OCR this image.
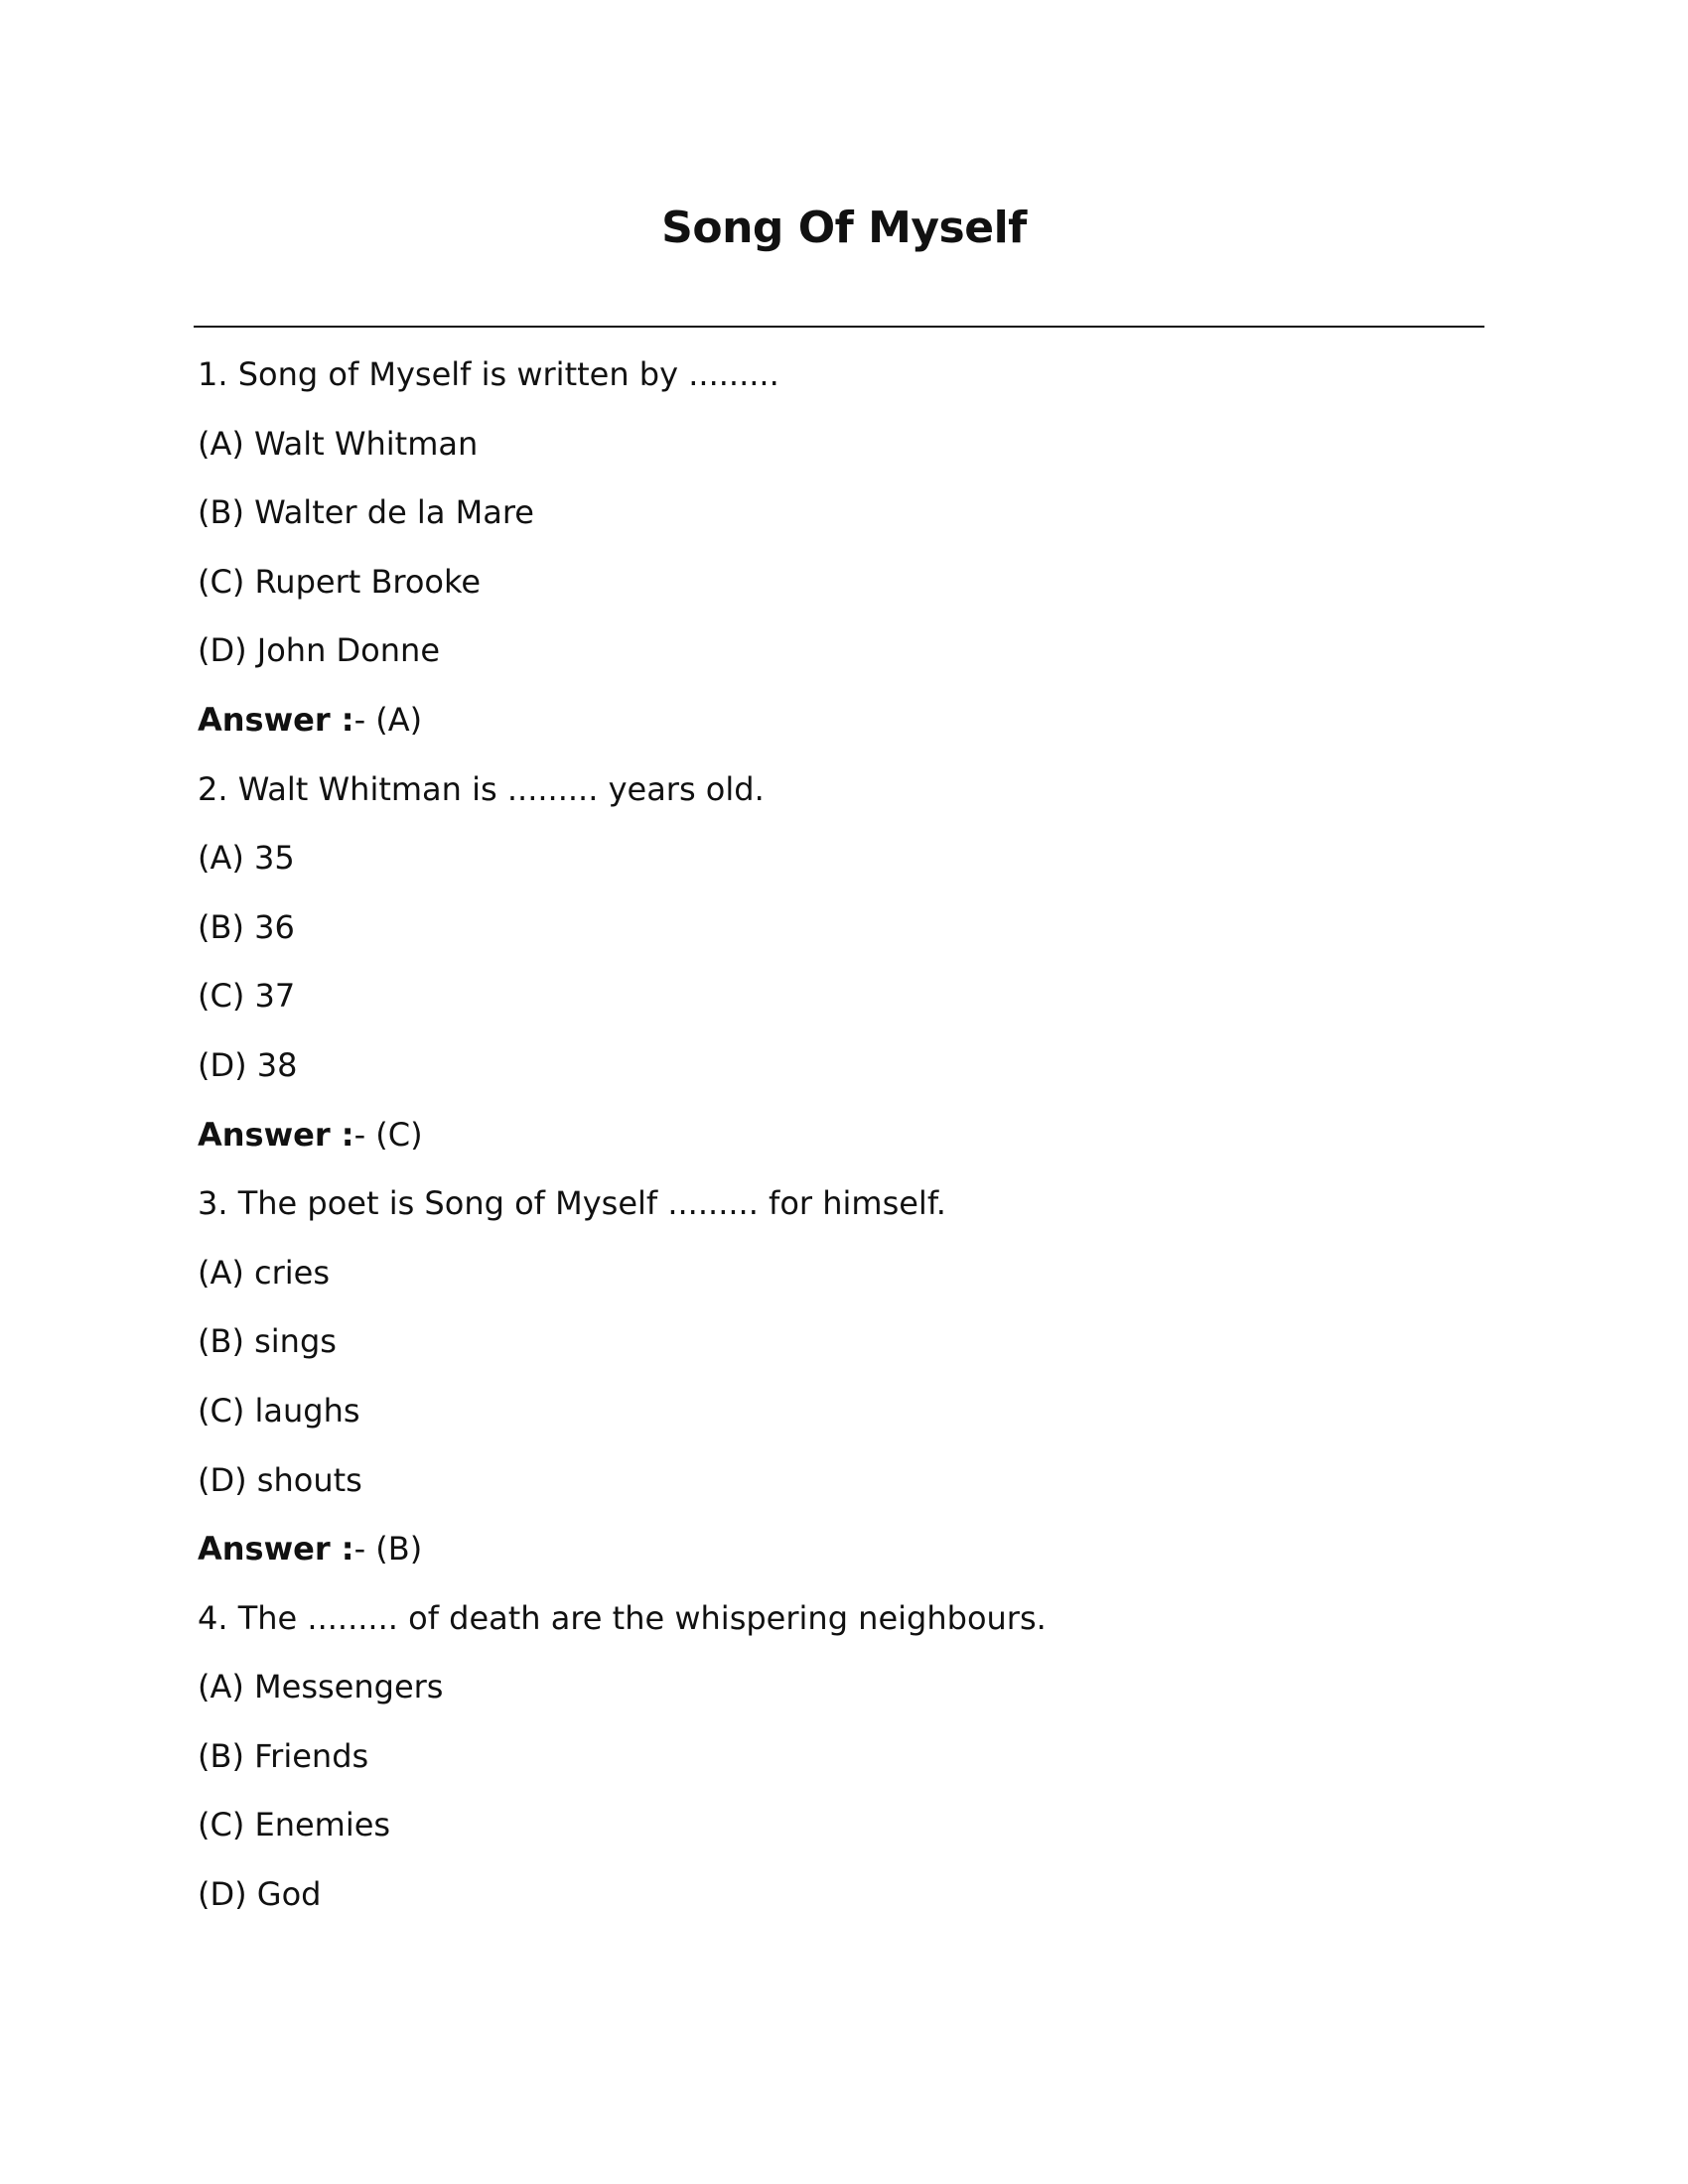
Song Of Myself
1. Song of Myself is written by .........
(A) Walt Whitman
(B) Walter de la Mare
(C) Rupert Brooke
(D) John Donne
Answer :- (A)
2. Walt Whitman is ......... years old.
(A) 35
(B) 36
(C) 37
(D) 38
Answer :- (C)
3. The poet is Song of Myself ......... for himself.
(A) cries
(B) sings
(C) laughs
(D) shouts
Answer :- (B)
4. The ......... of death are the whispering neighbours.
(A) Messengers
(B) Friends
(C) Enemies
(D) God
